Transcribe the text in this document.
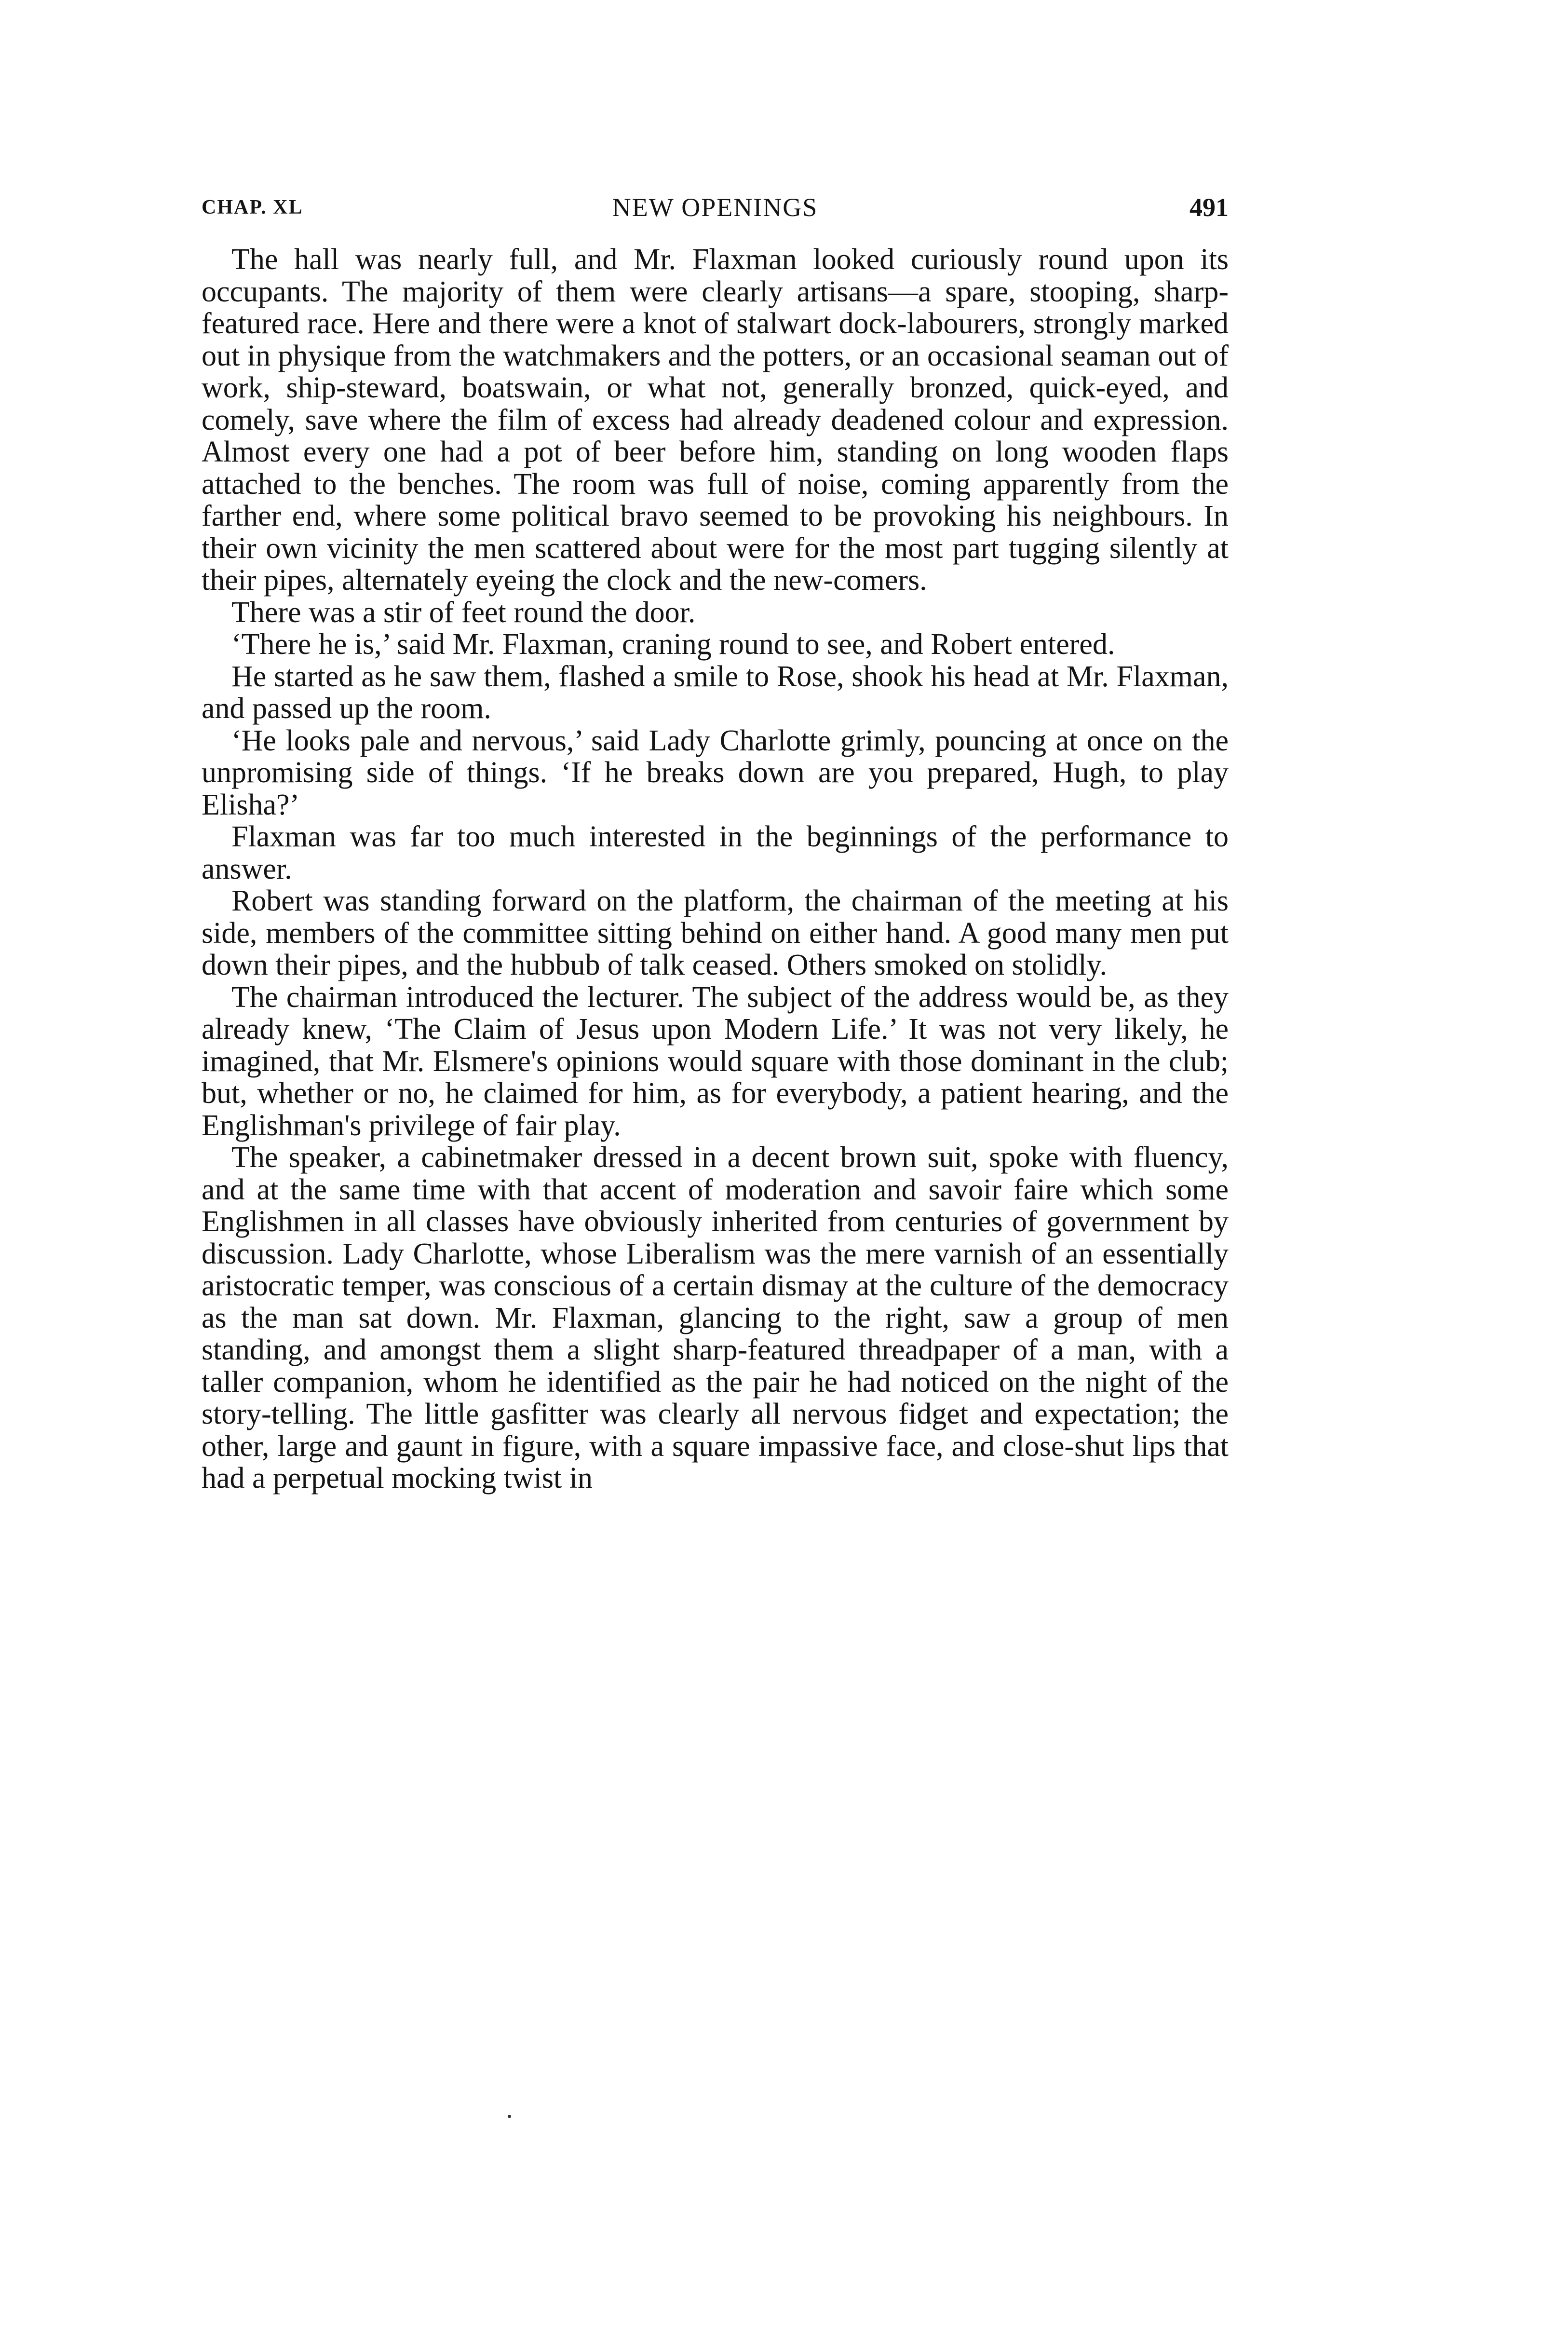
CHAP. XL	NEW OPENINGS	491

The hall was nearly full, and Mr. Flaxman looked curiously round upon its occupants. The majority of them were clearly artisans—a spare, stooping, sharp-featured race. Here and there were a knot of stalwart dock-labourers, strongly marked out in physique from the watchmakers and the potters, or an occasional seaman out of work, ship-steward, boatswain, or what not, generally bronzed, quick-eyed, and comely, save where the film of excess had already deadened colour and expression. Almost every one had a pot of beer before him, standing on long wooden flaps attached to the benches. The room was full of noise, coming apparently from the farther end, where some political bravo seemed to be provoking his neighbours. In their own vicinity the men scattered about were for the most part tugging silently at their pipes, alternately eyeing the clock and the new-comers.

There was a stir of feet round the door.

‘There he is,’ said Mr. Flaxman, craning round to see, and Robert entered.

He started as he saw them, flashed a smile to Rose, shook his head at Mr. Flaxman, and passed up the room.

‘He looks pale and nervous,’ said Lady Charlotte grimly, pouncing at once on the unpromising side of things. ‘If he breaks down are you prepared, Hugh, to play Elisha?’

Flaxman was far too much interested in the beginnings of the performance to answer.

Robert was standing forward on the platform, the chairman of the meeting at his side, members of the committee sitting behind on either hand. A good many men put down their pipes, and the hubbub of talk ceased. Others smoked on stolidly.

The chairman introduced the lecturer. The subject of the address would be, as they already knew, ‘The Claim of Jesus upon Modern Life.’ It was not very likely, he imagined, that Mr. Elsmere's opinions would square with those dominant in the club; but, whether or no, he claimed for him, as for everybody, a patient hearing, and the Englishman's privilege of fair play.

The speaker, a cabinetmaker dressed in a decent brown suit, spoke with fluency, and at the same time with that accent of moderation and savoir faire which some Englishmen in all classes have obviously inherited from centuries of government by discussion. Lady Charlotte, whose Liberalism was the mere varnish of an essentially aristocratic temper, was conscious of a certain dismay at the culture of the democracy as the man sat down. Mr. Flaxman, glancing to the right, saw a group of men standing, and amongst them a slight sharp-featured threadpaper of a man, with a taller companion, whom he identified as the pair he had noticed on the night of the story-telling. The little gasfitter was clearly all nervous fidget and expectation; the other, large and gaunt in figure, with a square impassive face, and close-shut lips that had a perpetual mocking twist in
